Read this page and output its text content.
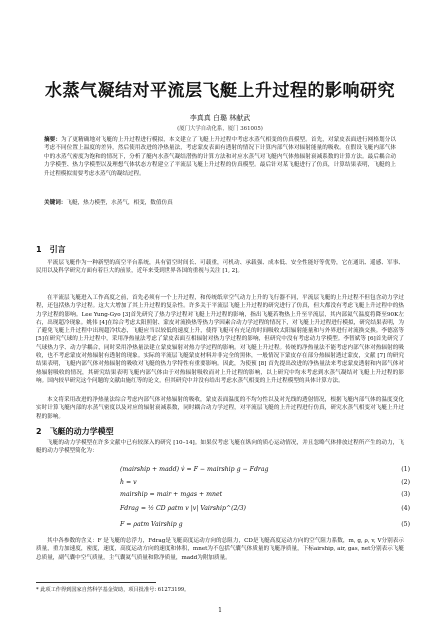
水蒸气凝结对平流层飞艇上升过程的影响研究
李真真 白璐 林献武
(厦门大学自动化系，厦门 361005)
摘要：为了更精确地对飞艇的上升过程进行模拟，本文建立了飞艇上升过程中考虑水蒸气相变的仿真模型。首先，对蒙皮表面进行网格划分以考虑不同位置上温度的差异，然后使用改进的净热量法，考虑蒙皮表面有透射的情况下计算内部气体对辐射能量的吸收。在假设飞艇内部气体中的水蒸气密度为饱和的情况下，分析了艇内水蒸气凝结潜热的计算方法和对应水蒸气对飞艇内气体热辐射衰减系数的计算方法。最后耦合动力学模型、热力学模型以及理想气体状态方程建立了平流层飞艇上升过程的仿真模型。最后针对某飞艇进行了仿真，计算结果表明，飞艇的上升过程模拟需要考虑水蒸气的凝结过程。
关键词：飞艇，热力模型，水蒸气，相变，数值仿真
1　引言
平流层飞艇作为一种新型的高空平台系统，具有留空时间长、可载重，可机动、承载强、成本低、安全性能好等优势，它在通讯、遥感、军事、民用以及科学研究方面有着巨大的前景，近年来受到世界各国的重视与关注 [1, 2]。
在平流层飞艇进入工作高度之前，首先必须有一个上升过程，和传统纸章空气动力上升的飞行器不同，平流层飞艇的上升过程不但包含动力学过程，还包括热力学过程。这大大增加了其上升过程的复杂性。许多关于平流层飞艇上升过程的研究进行了仿真，但大都没有考虑飞艇上升过程中的热力学过程的影响。Lee Yung-Gyo [3]首先研究了热力学过程对飞艇上升过程的影响，指出飞艇若物热上升至平流层，其内部氦气温度将降至90K左右，出现超冷现象。姚伟 [4]在综合考虑太阳照射、蒙皮对流换热等热力学因素合动力学过程的情况下，对飞艇上升过程进行模拟，研究结果表明，为了避免飞艇上升过程中出现超冷状态，飞艇应当以较低的速度上升，使得飞艇可有充足的时间吸收太阳辐射能量和与外界进行对流换交换。李德富等 [5]在研究气球的上升过程中，采用净热量法考虑了蒙皮表面互相辐射对热力学过程的影响，但研究中没有考虑动力学模型。李智斌等 [6]首先研究了气球热力学、动力学耦合，同时采用净热量法建立蒙皮辐射对热力学过程的影响。对飞艇上升过程。传统的净热量法不能考虑内部气体对热辐射的吸收，也不考虑蒙皮对热辐射有透射的现象。实际的平流层飞艇蒙皮材料并非完全的黑体，一般情况下蒙皮存在部分热辐射透过蒙皮，文献 [7] 的研究结果表明，飞艇内部气体对热辐射的吸收对飞艇的热力学特性有重要影响。因此，为使预 [8] 首先提出改进的净热量法来考虑蒙皮透射和内部气体对热辐射吸收的情况，其研究结果表明飞艇内部气体由于对热辐射吸收而对上升过程的影响，以上研究中均未考虑到水蒸气凝结对飞艇上升过程的影响。国内较早研究这个问题的文献由施红等的论文，但其研究中并没有给出考虑水蒸气相变的上升过程模型的具体计算方法。
本文将采用改进的净热量法综合考虑内部气体对热辐射的吸收，蒙皮表面温度的不均匀性以及对光线的透射情况，根据飞艇内部气体的温度变化实时计算飞艇内部的水蒸气密度以及对应的辐射衰减系数，同时耦合动力学过程，对平流层飞艇的上升过程进行仿真，研究水蒸气相变对飞艇上升过程的影响。
2　飞艇的动力学模型
飞艇的动力学模型在许多文献中已有较深入的研究 [10–14]。如果仅考虑飞艇在纵向的质心运动情况，并且忽略气体排放过程所产生的动力，飞艇的动力学模型简化为：
(mairship + madd) v̇ = F − mairship g − Fdrag	(1)
ḣ = v	(2)
mairship = mair + mgas + mnet	(3)
Fdrag = ½ CD ρatm v |v| Vairship^(2/3)	(4)
F = ρatm Vairship g	(5)
其中各参数的含义：F 是飞艇的总浮力，Fdrag是飞艇高度运动方向的总阻力，CD是飞艇高度运动方向的空气阻力系数，m, g, ρ, v, V分别表示质量，重力加速度，密度，速度，高度运动方向的速度和体积，mnet为不包括气囊气体质量的飞艇净质量，下标airship, air, gas, net分别表示飞艇总质量，副气囊中空气质量，主气囊氦气质量和除净质量，madd为附加质量。
* 此项工作得到国家自然科学基金资助，项目批准号: 61273199。
1
